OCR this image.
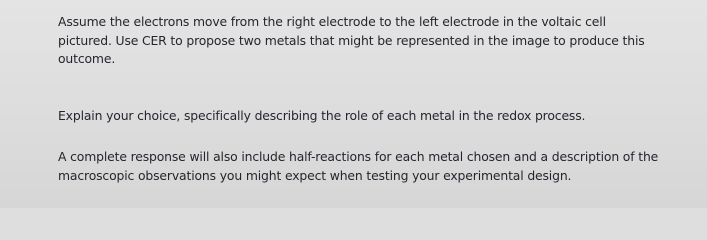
Assume the electrons move from the right electrode to the left electrode in the voltaic cell
pictured. Use CER to propose two metals that might be represented in the image to produce this
outcome.

Explain your choice, specifically describing the role of each metal in the redox process.

A complete response will also include half-reactions for each metal chosen and a description of the
macroscopic observations you might expect when testing your experimental design.
